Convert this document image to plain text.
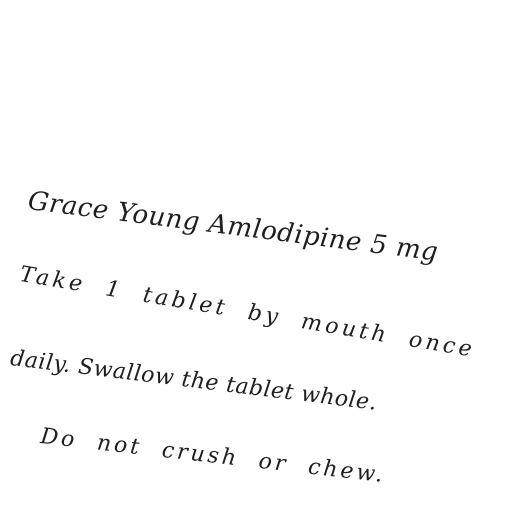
Grace Young Amlodipine 5 mg
Take 1 tablet by mouth once
daily. Swallow the tablet whole.
Do not crush or chew.
